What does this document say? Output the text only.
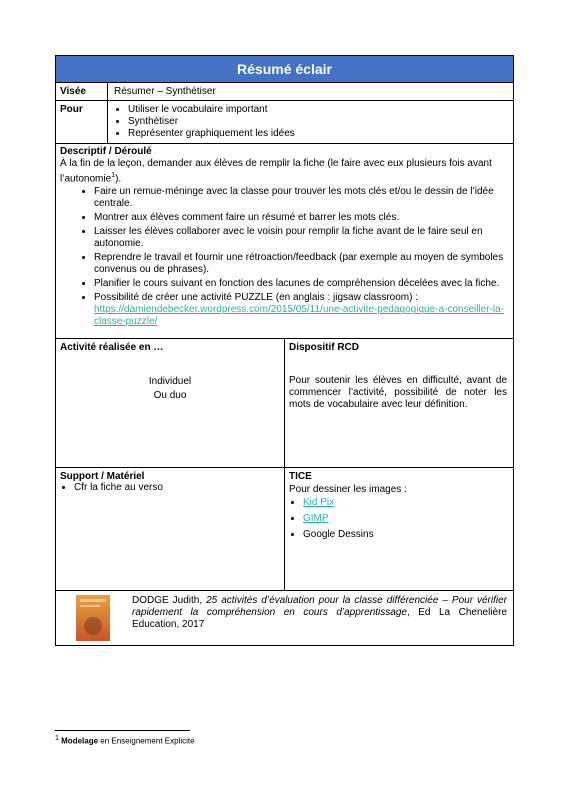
Résumé éclair
Visée	Résumer – Synthétiser
Pour
•	Utiliser le vocabulaire important
• Synthétiser
• Représenter graphiquement les idées
Descriptif / Déroulé
À la fin de la leçon, demander aux élèves de remplir la fiche (le faire avec eux plusieurs fois avant l’autonomie$^1$).
• Faire un remue-méninge avec la classe pour trouver les mots clés et/ou le dessin de l’idée centrale.
• Montrer aux élèves comment faire un résumé et barrer les mots clés.
• Laisser les élèves collaborer avec le voisin pour remplir la fiche avant de le faire seul en autonomie.
• Reprendre le travail et fournir une rétroaction/feedback (par exemple au moyen de symboles convenus ou de phrases).
• Planifier le cours suivant en fonction des lacunes de compréhension décelées avec la fiche.
• Possibilité de créer une activité PUZZLE (en anglais : jigsaw classroom) :
https://damiendebecker.wordpress.com/2015/05/11/une-activite-pedagogique-a-conseiller-la-classe-puzzle/
Activité réalisée en …
Individuel
Ou duo
Dispositif RCD
Pour soutenir les élèves en difficulté, avant de commencer l’activité, possibilité de noter les mots de vocabulaire avec leur définition.
Support / Matériel
• Cfr la fiche au verso
TICE
Pour dessiner les images :
• Kid Pix
• GIMP
• Google Dessins
DODGE Judith, 25 activités d’évaluation pour la classe différenciée – Pour vérifier rapidement la compréhension en cours d’apprentissage, Ed La Chenelière Education, 2017
$^1$ Modelage en Enseignement Explicite
